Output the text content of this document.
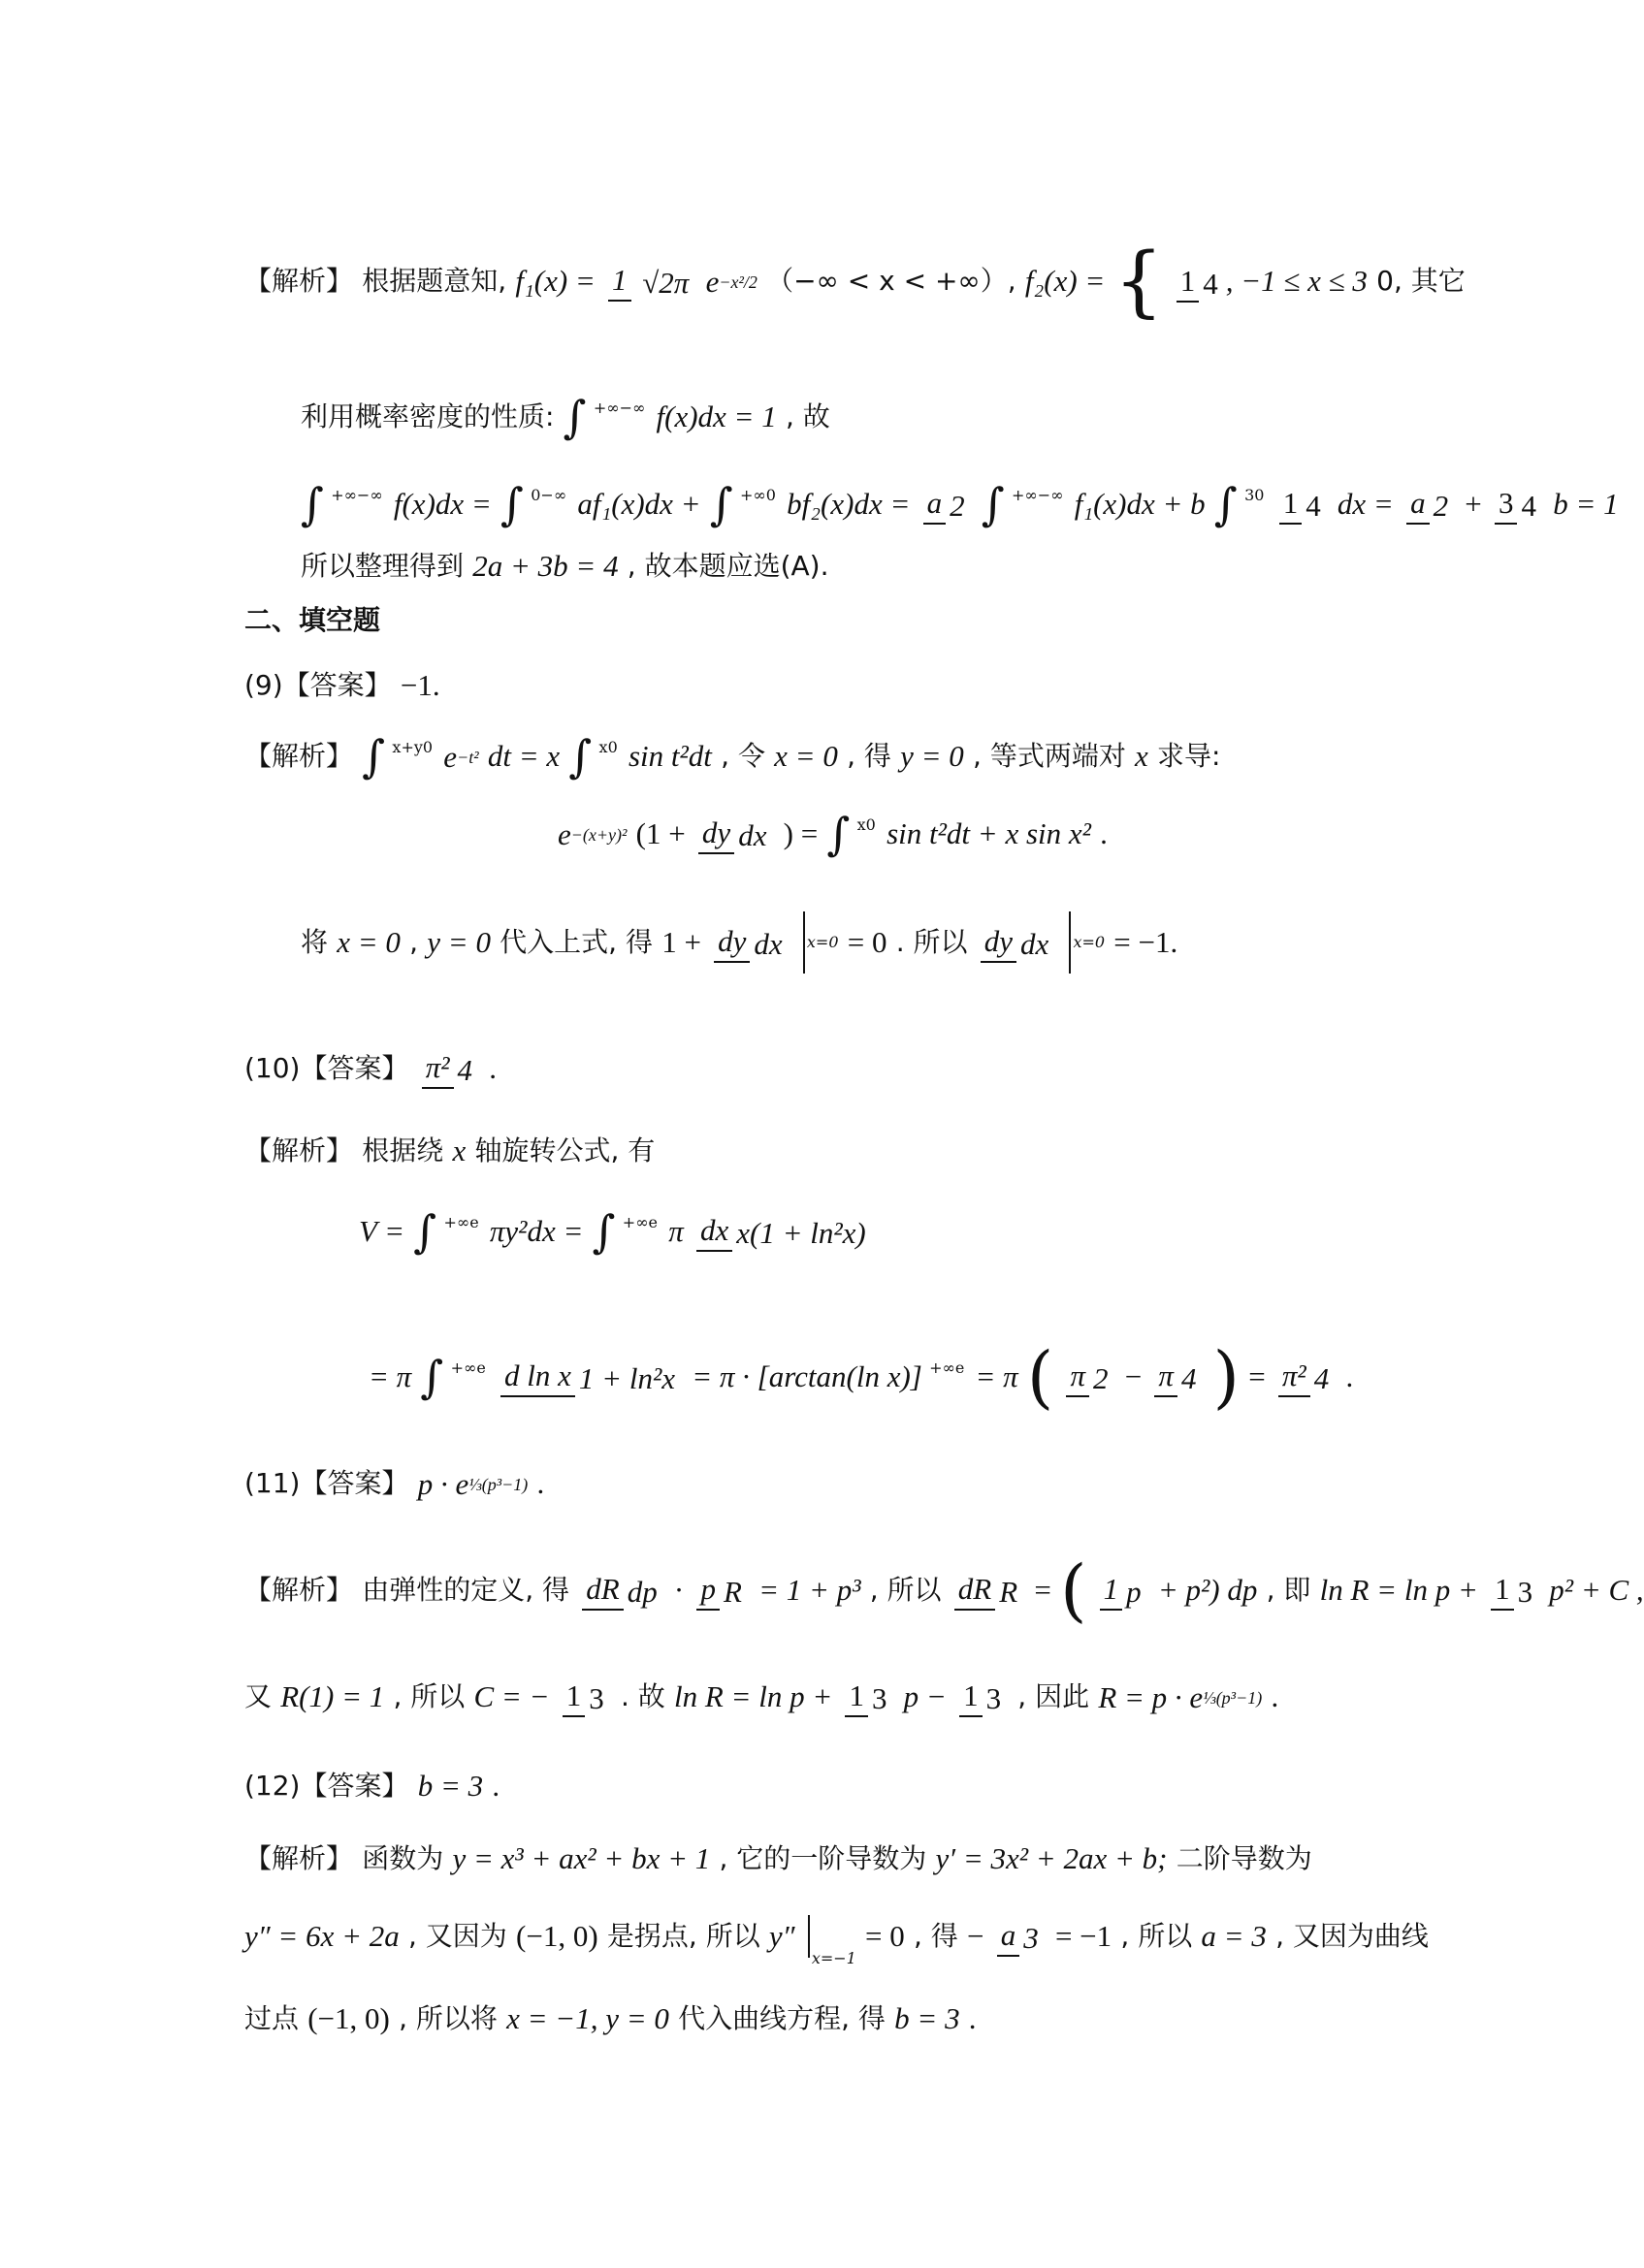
【解析】 根据题意知, f₁(x) = 1 √2π e−x²/2 （−∞ < x < +∞）, f₂(x) = { 1 4 , −1 ≤ x ≤ 3 0, 其它
利用概率密度的性质: ∫ +∞−∞ f(x)dx = 1 , 故
∫ +∞−∞ f(x)dx = ∫ 0−∞ af₁(x)dx + ∫ +∞0 bf₂(x)dx = a 2 ∫ +∞−∞ f₁(x)dx + b ∫ 30 1 4 dx = a 2 + 3 4 b = 1
所以整理得到 2a + 3b = 4 , 故本题应选(A).
二、填空题
(9)【答案】 −1.
【解析】 ∫ x+y0 e−t² dt = x ∫ x0 sin t²dt , 令 x = 0 , 得 y = 0 , 等式两端对 x 求导:
e−(x+y)² (1 + dy dx ) = ∫ x0 sin t²dt + x sin x² .
将 x = 0 , y = 0 代入上式, 得 1 + dy dx x=0 = 0 . 所以 dy dx x=0 = −1.
(10)【答案】 π² 4 .
【解析】 根据绕 x 轴旋转公式, 有
V = ∫ +∞e πy²dx = ∫ +∞e π dx x(1 + ln²x)
= π ∫ +∞e d ln x 1 + ln²x = π · [arctan(ln x)] +∞e = π ( π 2 − π 4 ) = π² 4 .
(11)【答案】 p · e⅓(p³−1) .
【解析】 由弹性的定义, 得 dR dp · p R = 1 + p³ , 所以 dR R = ( 1 p + p²) dp , 即 ln R = ln p + 1 3 p² + C ,
又 R(1) = 1 , 所以 C = − 1 3 . 故 ln R = ln p + 1 3 p − 1 3 , 因此 R = p · e⅓(p³−1) .
(12)【答案】 b = 3 .
【解析】 函数为 y = x³ + ax² + bx + 1 , 它的一阶导数为 y′ = 3x² + 2ax + b; 二阶导数为
y″ = 6x + 2a , 又因为 (−1, 0) 是拐点, 所以 y″ x=−1 = 0 , 得 − a 3 = −1 , 所以 a = 3 , 又因为曲线
过点 (−1, 0) , 所以将 x = −1, y = 0 代入曲线方程, 得 b = 3 .
